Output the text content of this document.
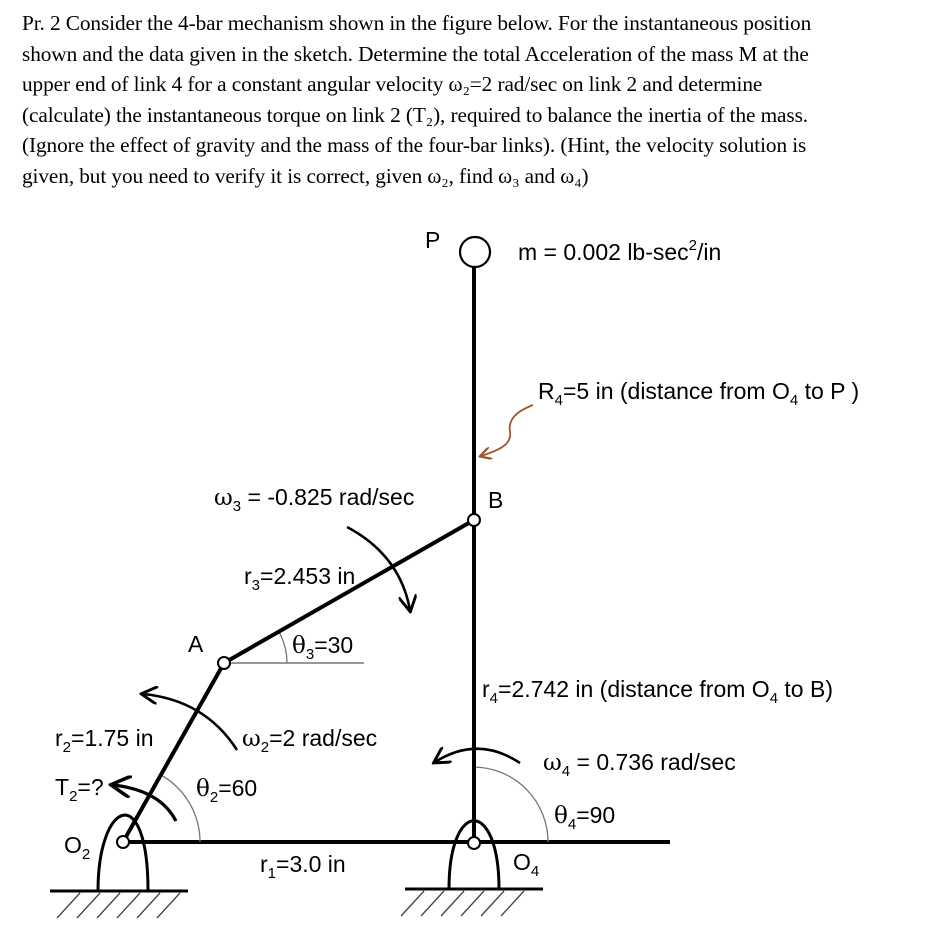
Pr. 2 Consider the 4-bar mechanism shown in the figure below. For the instantaneous position

shown and the data given in the sketch. Determine the total Acceleration of the mass M at the

upper end of link 4 for a constant angular velocity ω₂=2 rad/sec on link 2 and determine

(calculate) the instantaneous torque on link 2 (T₂), required to balance the inertia of the mass.

(Ignore the effect of gravity and the mass of the four-bar links). (Hint, the velocity solution is

given, but you need to verify it is correct, given ω₂, find ω₃ and ω₄)

P	m = 0.002 $lb-\sec^2/in$
$R_4=5$ in (distance from $O_4$ to P )
$\omega_3 = -0.825$ rad/sec	B
$r_3=2.453$ in
A	$\theta_3=30$
$r_4=2.742$ in (distance from $O_4$ to B)
$\omega_2=2$ rad/sec
$r_2=1.75$ in
$\omega_4 = 0.736$ rad/sec
$T_2=$?	$\theta_2=60$
$\theta_4=90$
$O_2$	$r_1=3.0$ in	$O_4$
